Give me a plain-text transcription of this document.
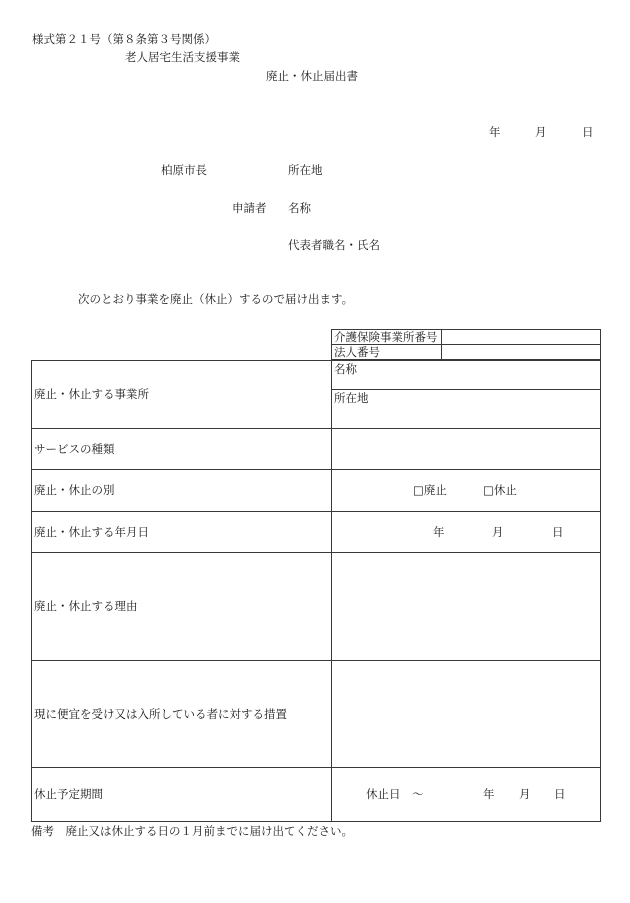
様式第２１号（第８条第３号関係）
老人居宅生活支援事業
廃止・休止届出書
年	月	日
柏原市長	所在地
申請者 名称
代表者職名・氏名
次のとおり事業を廃止（休止）するので届け出ます。
介護保険事業所番号	
法人番号	
廃止・休止する事業所	名称
	所在地
サービスの種類	
廃止・休止の別	□廃止 □休止

廃止・休止する年月日	年 月 日

廃止・休止する理由	
現に便宜を受け又は入所している者に対する措置	
休止予定期間	休止日 ～ 年 月 日
備考　廃止又は休止する日の１月前までに届け出てください。
